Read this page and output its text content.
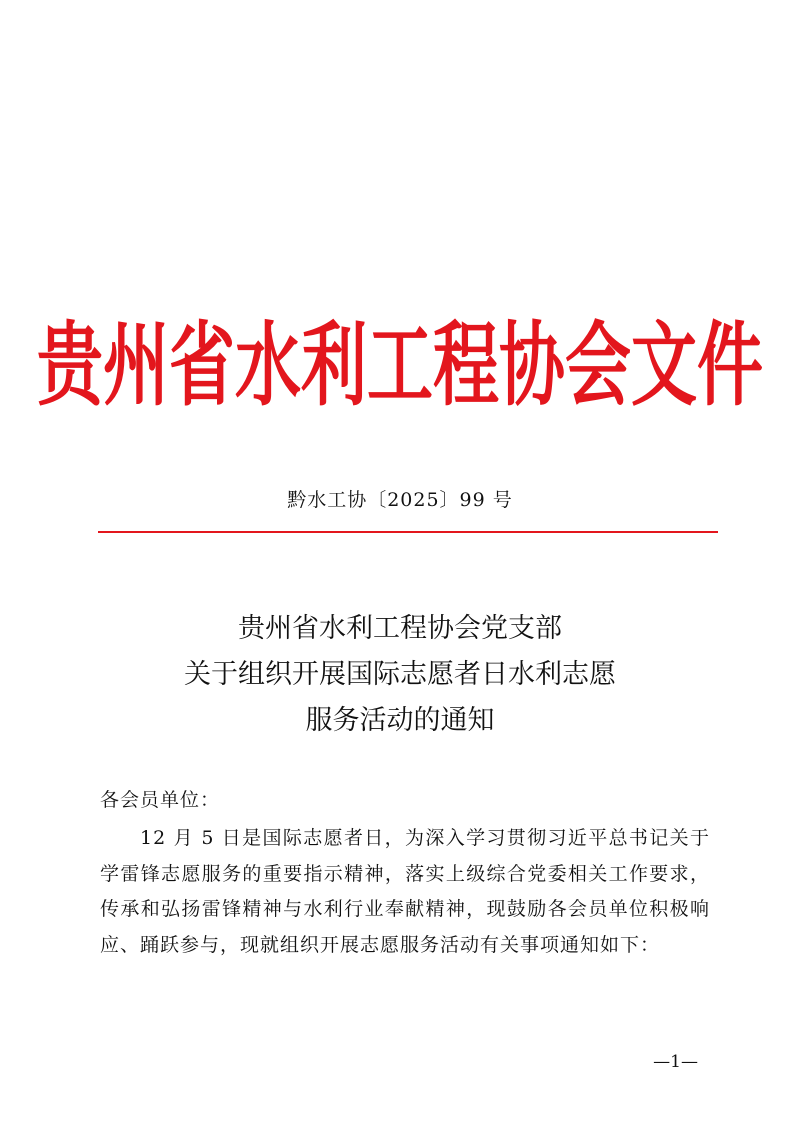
贵州省水利工程协会文件
黔水工协〔2025〕99 号
贵州省水利工程协会党支部
关于组织开展国际志愿者日水利志愿
服务活动的通知
各会员单位：
12 月 5 日是国际志愿者日，为深入学习贯彻习近平总书记关于学雷锋志愿服务的重要指示精神，落实上级综合党委相关工作要求，传承和弘扬雷锋精神与水利行业奉献精神，现鼓励各会员单位积极响应、踊跃参与，现就组织开展志愿服务活动有关事项通知如下：
—1—
